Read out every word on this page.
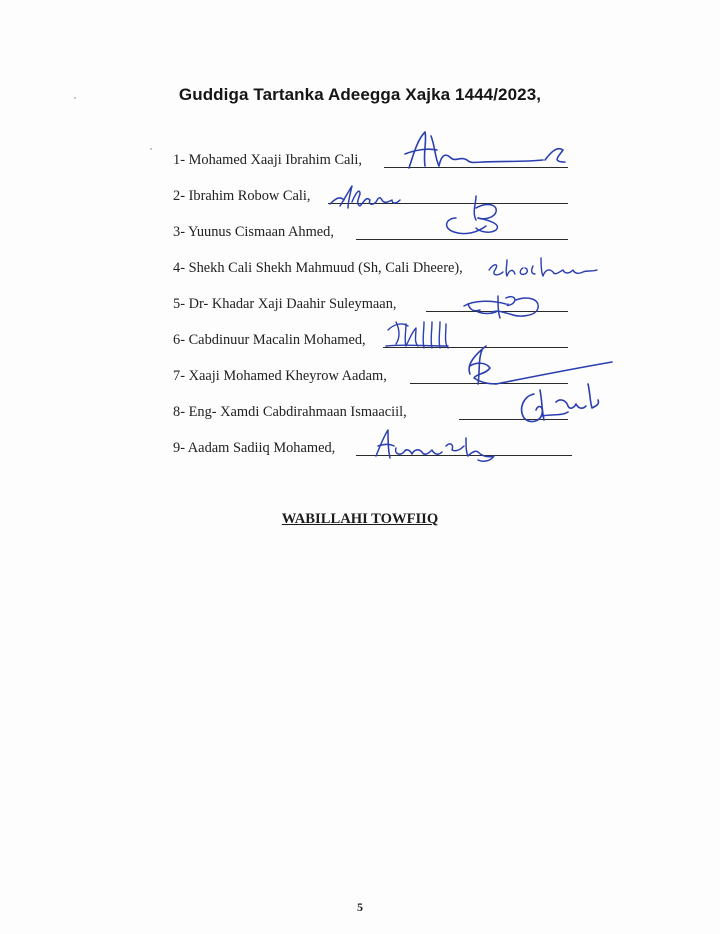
Guddiga Tartanka Adeegga Xajka 1444/2023,
1- Mohamed Xaaji Ibrahim Cali,
2- Ibrahim Robow Cali,
3- Yuunus Cismaan Ahmed,
4- Shekh Cali Shekh Mahmuud (Sh, Cali Dheere),
5- Dr- Khadar Xaji Daahir Suleymaan,
6- Cabdinuur Macalin Mohamed,
7- Xaaji Mohamed Kheyrow Aadam,
8- Eng- Xamdi Cabdirahmaan Ismaaciil,
9- Aadam Sadiiq Mohamed,
WABILLAHI TOWFIIQ
5
